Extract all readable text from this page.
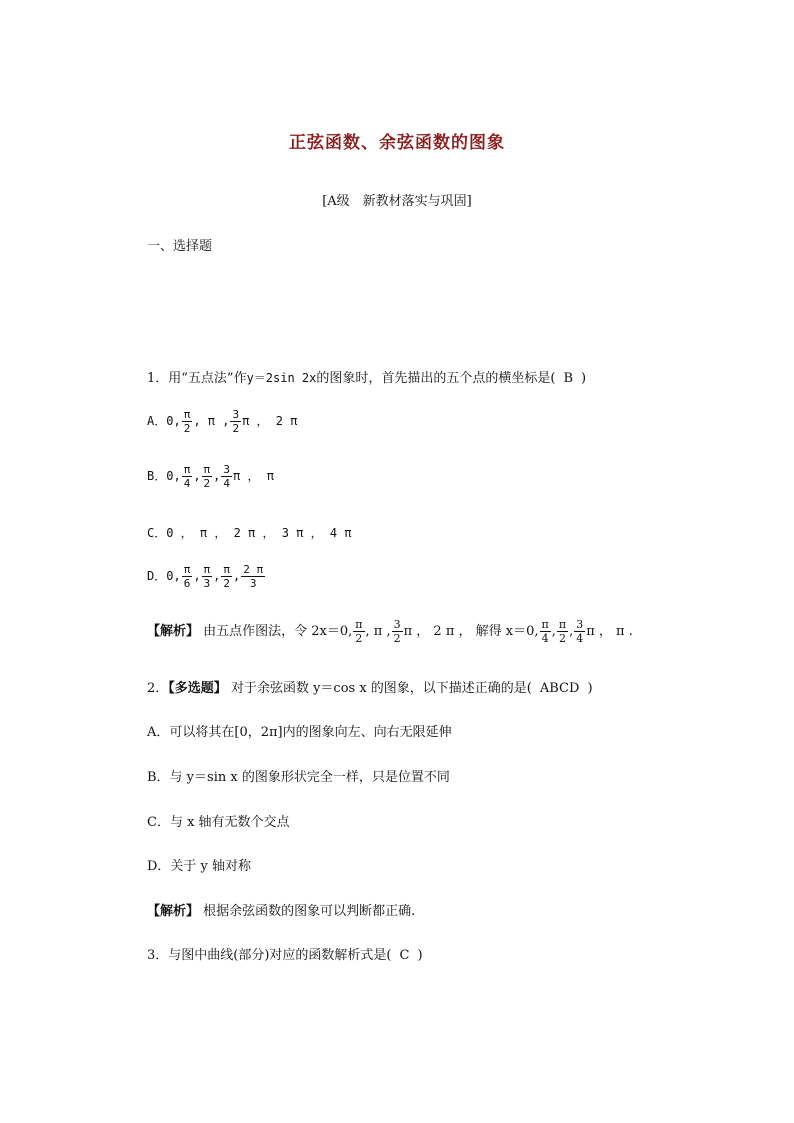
正弦函数、余弦函数的图象
[A级　新教材落实与巩固]
一、选择题
1．用“五点法”作y＝2sin 2x的图象时，首先描出的五个点的横坐标是( B )
A．0, $\frac{\pi}{2}$ , π , $\frac{3}{2}$ π ， 2 π
B．0, $\frac{\pi}{4}$ , $\frac{\pi}{2}$ , $\frac{3}{4}$ π ， π
C．0 ， π ， 2 π ， 3 π ， 4 π
D．0, $\frac{\pi}{6}$ , $\frac{\pi}{3}$ , $\frac{\pi}{2}$ , $\frac{2 \pi}{3}$
【解析】 由五点作图法，令 2x＝0, $\frac{\pi}{2}$ , π , $\frac{3}{2}$ π ， 2 π ， 解得 x＝0, $\frac{\pi}{4}$ , $\frac{\pi}{2}$ , $\frac{3}{4}$ π ， π .
2．【多选题】 对于余弦函数 y＝cos x 的图象，以下描述正确的是( ABCD )
A．可以将其在[0，2π]内的图象向左、向右无限延伸
B．与 y＝sin x 的图象形状完全一样，只是位置不同
C．与 x 轴有无数个交点
D．关于 y 轴对称
【解析】 根据余弦函数的图象可以判断都正确.
3．与图中曲线(部分)对应的函数解析式是( C )
